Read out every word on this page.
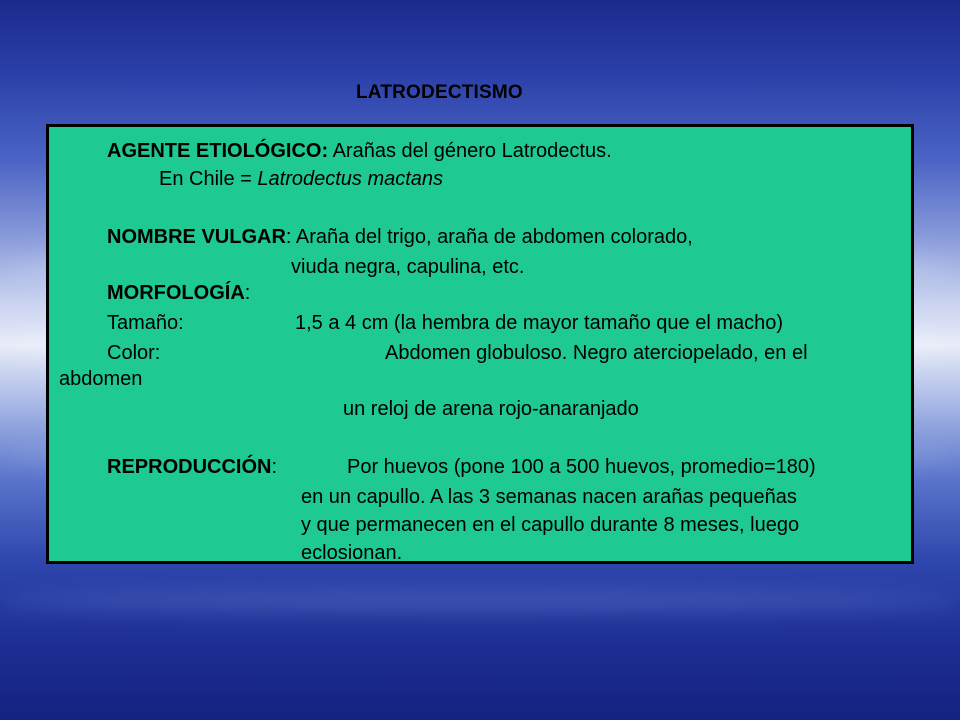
LATRODECTISMO
AGENTE ETIOLÓGICO: Arañas del género Latrodectus.
En Chile = Latrodectus mactans
NOMBRE VULGAR: Araña del trigo, araña de abdomen colorado,
viuda negra, capulina, etc.
MORFOLOGÍA:
Tamaño:	1,5 a 4 cm (la hembra de mayor tamaño que el macho)
Color:	Abdomen globuloso. Negro aterciopelado, en el
abdomen
un reloj de arena rojo-anaranjado
REPRODUCCIÓN:	Por huevos (pone 100 a 500 huevos, promedio=180)
en un capullo. A las 3 semanas nacen arañas pequeñas
y que permanecen en el capullo durante 8 meses, luego
eclosionan.
